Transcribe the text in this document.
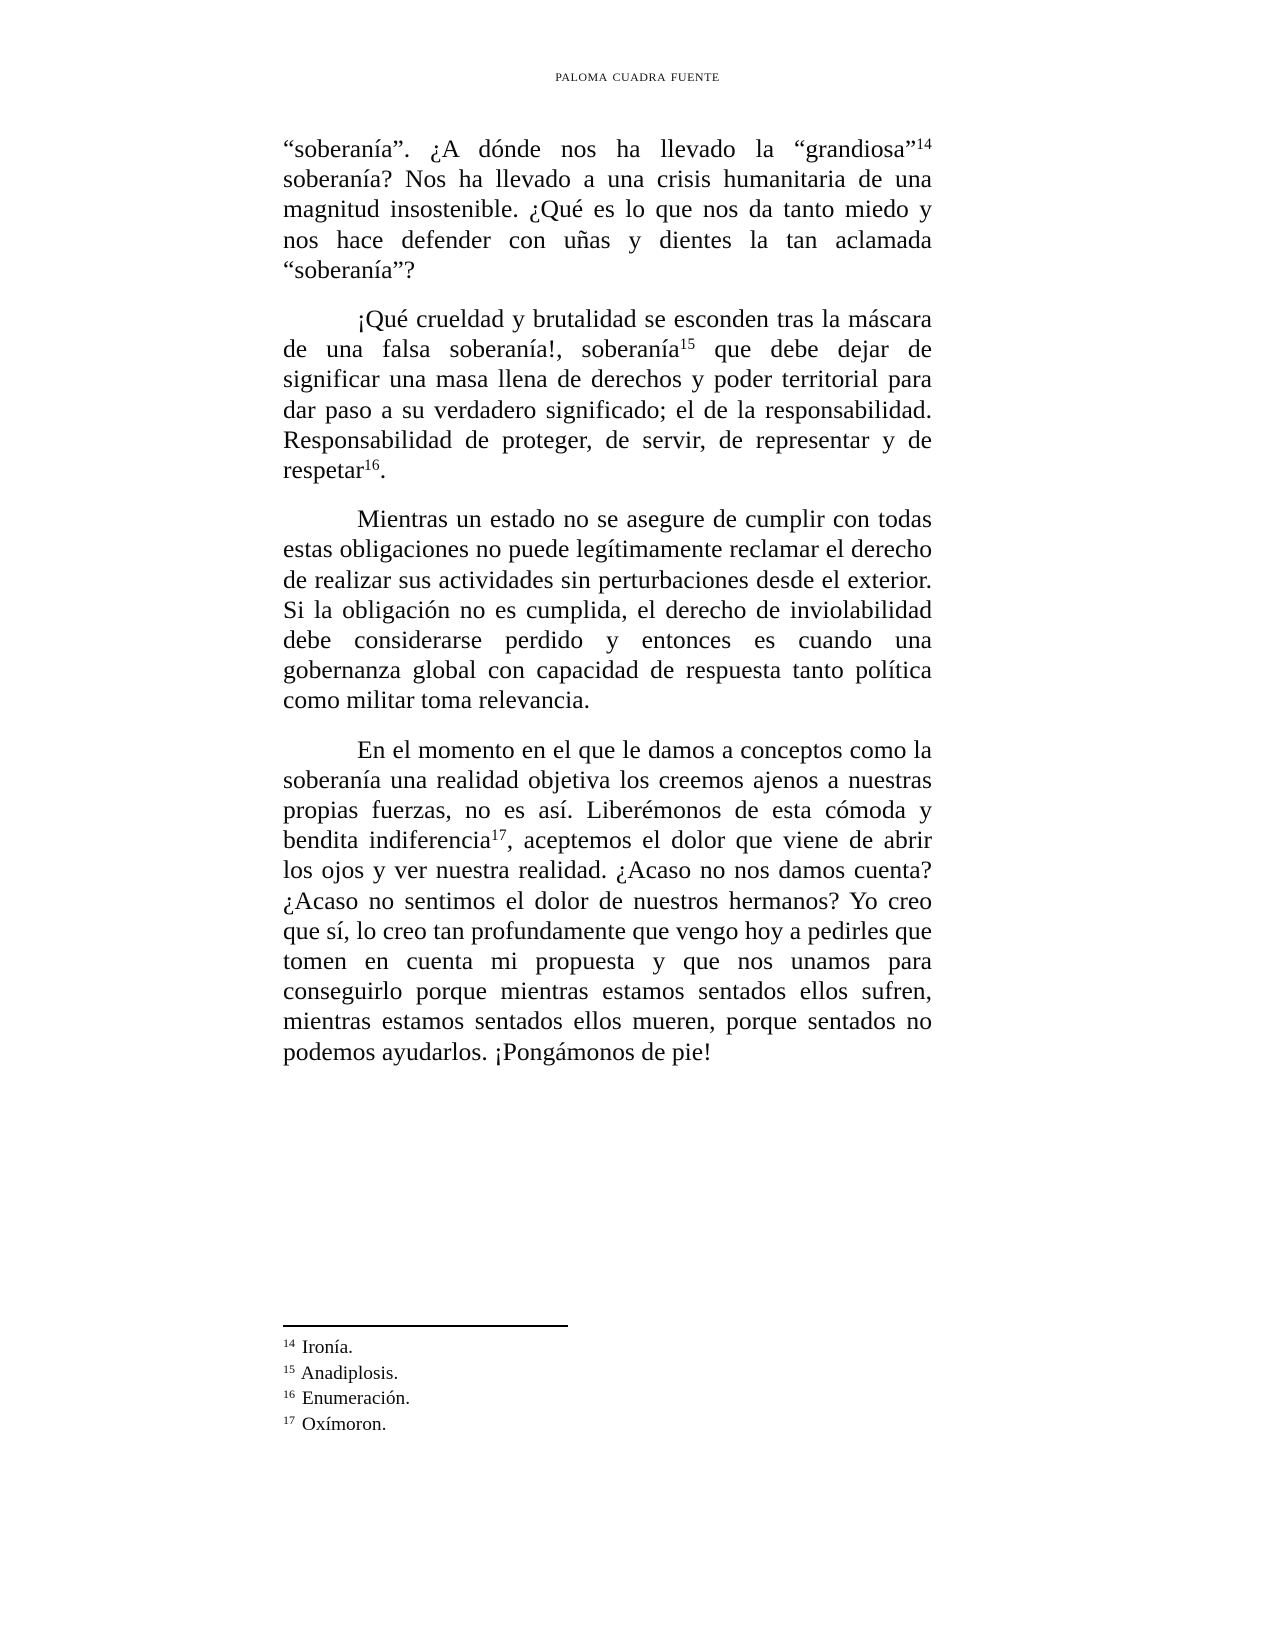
paloma cuadra fuente

“soberanía”. ¿A dónde nos ha llevado la “grandiosa”$^{14}$ soberanía? Nos ha llevado a una crisis humanitaria de una magnitud insostenible. ¿Qué es lo que nos da tanto miedo y nos hace defender con uñas y dientes la tan aclamada “soberanía”?

¡Qué crueldad y brutalidad se esconden tras la máscara de una falsa soberanía!, soberanía$^{15}$ que debe dejar de significar una masa llena de derechos y poder territorial para dar paso a su verdadero significado; el de la responsabilidad. Responsabilidad de proteger, de servir, de representar y de respetar$^{16}$.

Mientras un estado no se asegure de cumplir con todas estas obligaciones no puede legítimamente reclamar el derecho de realizar sus actividades sin perturbaciones desde el exterior. Si la obligación no es cumplida, el derecho de inviolabilidad debe considerarse perdido y entonces es cuando una gobernanza global con capacidad de respuesta tanto política como militar toma relevancia.

En el momento en el que le damos a conceptos como la soberanía una realidad objetiva los creemos ajenos a nuestras propias fuerzas, no es así. Liberémonos de esta cómoda y bendita indiferencia$^{17}$, aceptemos el dolor que viene de abrir los ojos y ver nuestra realidad. ¿Acaso no nos damos cuenta? ¿Acaso no sentimos el dolor de nuestros hermanos? Yo creo que sí, lo creo tan profundamente que vengo hoy a pedirles que tomen en cuenta mi propuesta y que nos unamos para conseguirlo porque mientras estamos sentados ellos sufren, mientras estamos sentados ellos mueren, porque sentados no podemos ayudarlos. ¡Pongámonos de pie!

$^{14}$ Ironía.
$^{15}$ Anadiplosis.
$^{16}$ Enumeración.
$^{17}$ Oxímoron.
